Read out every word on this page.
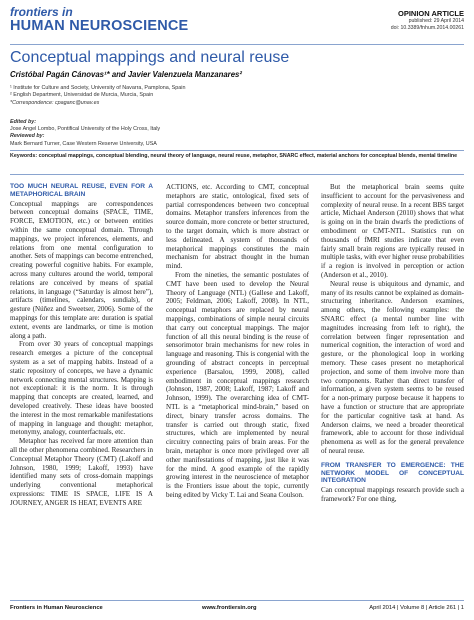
frontiers in
HUMAN NEUROSCIENCE
OPINION ARTICLE
published: 29 April 2014
doi: 10.3389/fnhum.2014.00261
Conceptual mappings and neural reuse
Cristóbal Pagán Cánovas¹* and Javier Valenzuela Manzanares²
¹ Institute for Culture and Society, University of Navarra, Pamplona, Spain
² English Department, Universidad de Murcia, Murcia, Spain
*Correspondence: cpaganc@unav.es
Edited by:
Jose Angel Lombo, Pontifical University of the Holy Cross, Italy
Reviewed by:
Mark Bernard Turner, Case Western Reserve University, USA
Keywords: conceptual mappings, conceptual blending, neural theory of language, neural reuse, metaphor, SNARC effect, material anchors for conceptual blends, mental timeline
TOO MUCH NEURAL REUSE, EVEN FOR A METAPHORICAL BRAIN

Conceptual mappings are correspondences between conceptual domains (SPACE, TIME, FORCE, EMOTION, etc.) or between entities within the same conceptual domain. Through mappings, we project inferences, elements, and relations from one mental configuration to another. Sets of mappings can become entrenched, creating powerful cognitive habits. For example, across many cultures around the world, temporal relations are conceived by means of spatial relations, in language (“Saturday is almost here”), artifacts (timelines, calendars, sundials), or gesture (Núñez and Sweetser, 2006). Some of the mappings for this template are: duration is spatial extent, events are landmarks, or time is motion along a path.

From over 30 years of conceptual mappings research emerges a picture of the conceptual system as a set of mapping habits. Instead of a static repository of concepts, we have a dynamic network connecting mental structures. Mapping is not exceptional: it is the norm. It is through mapping that concepts are created, learned, and developed creatively. These ideas have boosted the interest in the most remarkable manifestations of mapping in language and thought: metaphor, metonymy, analogy, counterfactuals, etc.

Metaphor has received far more attention than all the other phenomena combined. Researchers in Conceptual Metaphor Theory (CMT) (Lakoff and Johnson, 1980, 1999; Lakoff, 1993) have identified many sets of cross-domain mappings underlying conventional metaphorical expressions: TIME IS SPACE, LIFE IS A JOURNEY, ANGER IS HEAT, EVENTS ARE

ACTIONS, etc. According to CMT, conceptual metaphors are static, ontological, fixed sets of partial correspondences between two conceptual domains. Metaphor transfers inferences from the source domain, more concrete or better structured, to the target domain, which is more abstract or less delineated. A system of thousands of metaphorical mappings constitutes the main mechanism for abstract thought in the human mind.

From the nineties, the semantic postulates of CMT have been used to develop the Neural Theory of Language (NTL) (Gallese and Lakoff, 2005; Feldman, 2006; Lakoff, 2008). In NTL, conceptual metaphors are replaced by neural mappings, combinations of simple neural circuits that carry out conceptual mappings. The major function of all this neural binding is the reuse of sensorimotor brain mechanisms for new roles in language and reasoning. This is congenial with the grounding of abstract concepts in perceptual experience (Barsalou, 1999, 2008), called embodiment in conceptual mappings research (Johnson, 1987, 2008; Lakoff, 1987; Lakoff and Johnson, 1999). The overarching idea of CMT-NTL is a “metaphorical mind-brain,” based on direct, binary transfer across domains. The transfer is carried out through static, fixed structures, which are implemented by neural circuitry connecting pairs of brain areas. For the brain, metaphor is once more privileged over all other manifestations of mapping, just like it was for the mind. A good example of the rapidly growing interest in the neuroscience of metaphor is the Frontiers issue about the topic, currently being edited by Vicky T. Lai and Seana Coulson.

But the metaphorical brain seems quite insufficient to account for the pervasiveness and complexity of neural reuse. In a recent BBS target article, Michael Anderson (2010) shows that what is going on in the brain dwarfs the predictions of embodiment or CMT-NTL. Statistics run on thousands of fMRI studies indicate that even fairly small brain regions are typically reused in multiple tasks, with ever higher reuse probabilities if a region is involved in perception or action (Anderson et al., 2010).

Neural reuse is ubiquitous and dynamic, and many of its results cannot be explained as domain-structuring inheritance. Anderson examines, among others, the following examples: the SNARC effect (a mental number line with magnitudes increasing from left to right), the correlation between finger representation and numerical cognition, the interaction of word and gesture, or the phonological loop in working memory. These cases present no metaphorical projection, and some of them involve more than two components. Rather than direct transfer of information, a given system seems to be reused for a non-primary purpose because it happens to have a function or structure that are appropriate for the particular cognitive task at hand. As Anderson claims, we need a broader theoretical framework, able to account for those individual phenomena as well as for the general prevalence of neural reuse.

FROM TRANSFER TO EMERGENCE: THE NETWORK MODEL OF CONCEPTUAL INTEGRATION

Can conceptual mappings research provide such a framework? For one thing,

Frontiers in Human Neuroscience	www.frontiersin.org	April 2014 | Volume 8 | Article 261 | 1
